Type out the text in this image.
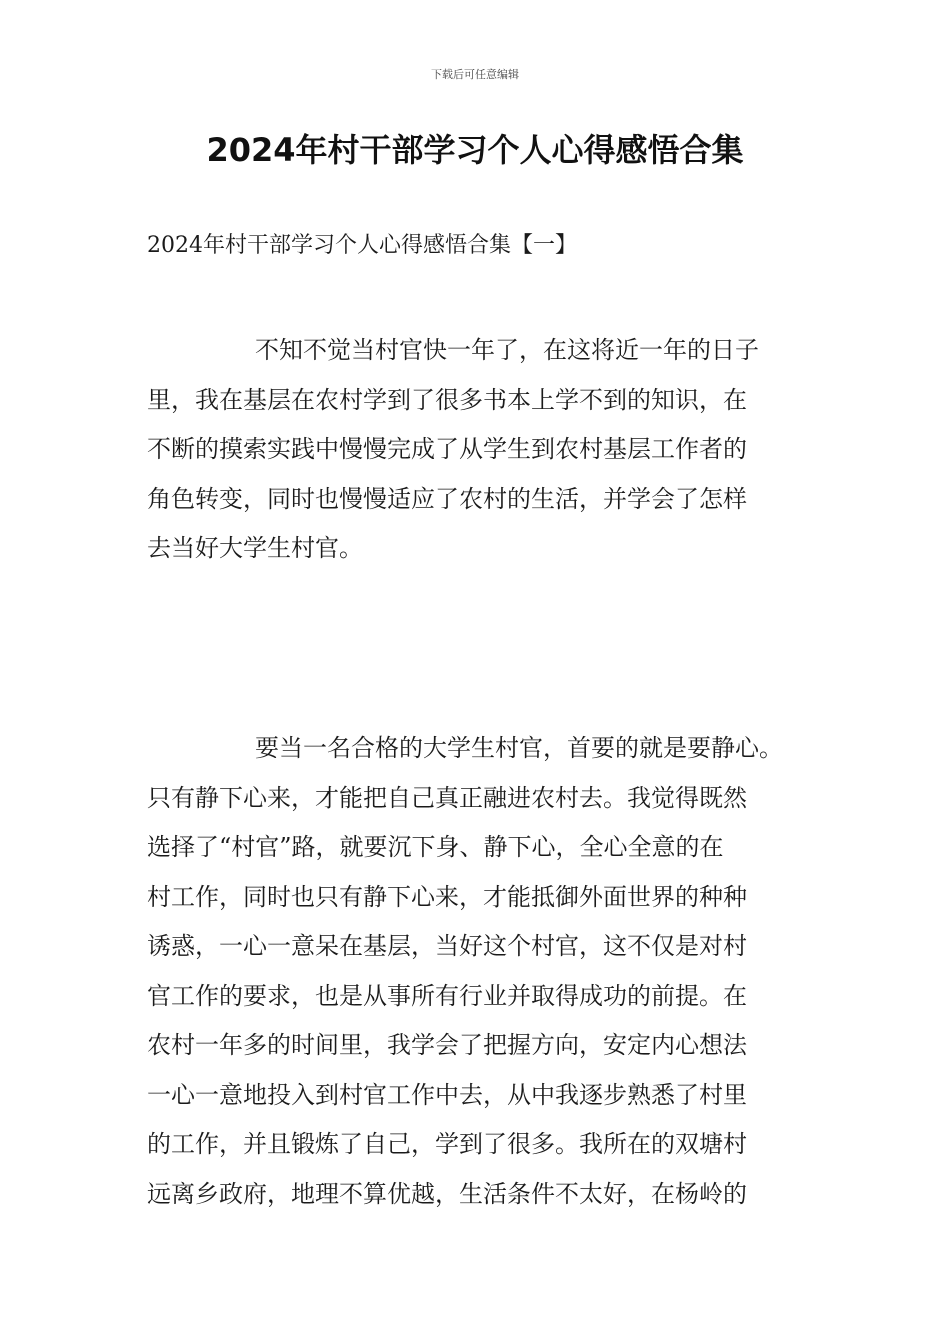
下载后可任意编辑
2024年村干部学习个人心得感悟合集
2024年村干部学习个人心得感悟合集【一】
不知不觉当村官快一年了，在这将近一年的日子
里，我在基层在农村学到了很多书本上学不到的知识，在
不断的摸索实践中慢慢完成了从学生到农村基层工作者的
角色转变，同时也慢慢适应了农村的生活，并学会了怎样
去当好大学生村官。
要当一名合格的大学生村官，首要的就是要静心。
只有静下心来，才能把自己真正融进农村去。我觉得既然
选择了“村官”路，就要沉下身、静下心，全心全意的在
村工作，同时也只有静下心来，才能抵御外面世界的种种
诱惑，一心一意呆在基层，当好这个村官，这不仅是对村
官工作的要求，也是从事所有行业并取得成功的前提。在
农村一年多的时间里，我学会了把握方向，安定内心想法
一心一意地投入到村官工作中去，从中我逐步熟悉了村里
的工作，并且锻炼了自己，学到了很多。我所在的双塘村
远离乡政府，地理不算优越，生活条件不太好，在杨岭的
